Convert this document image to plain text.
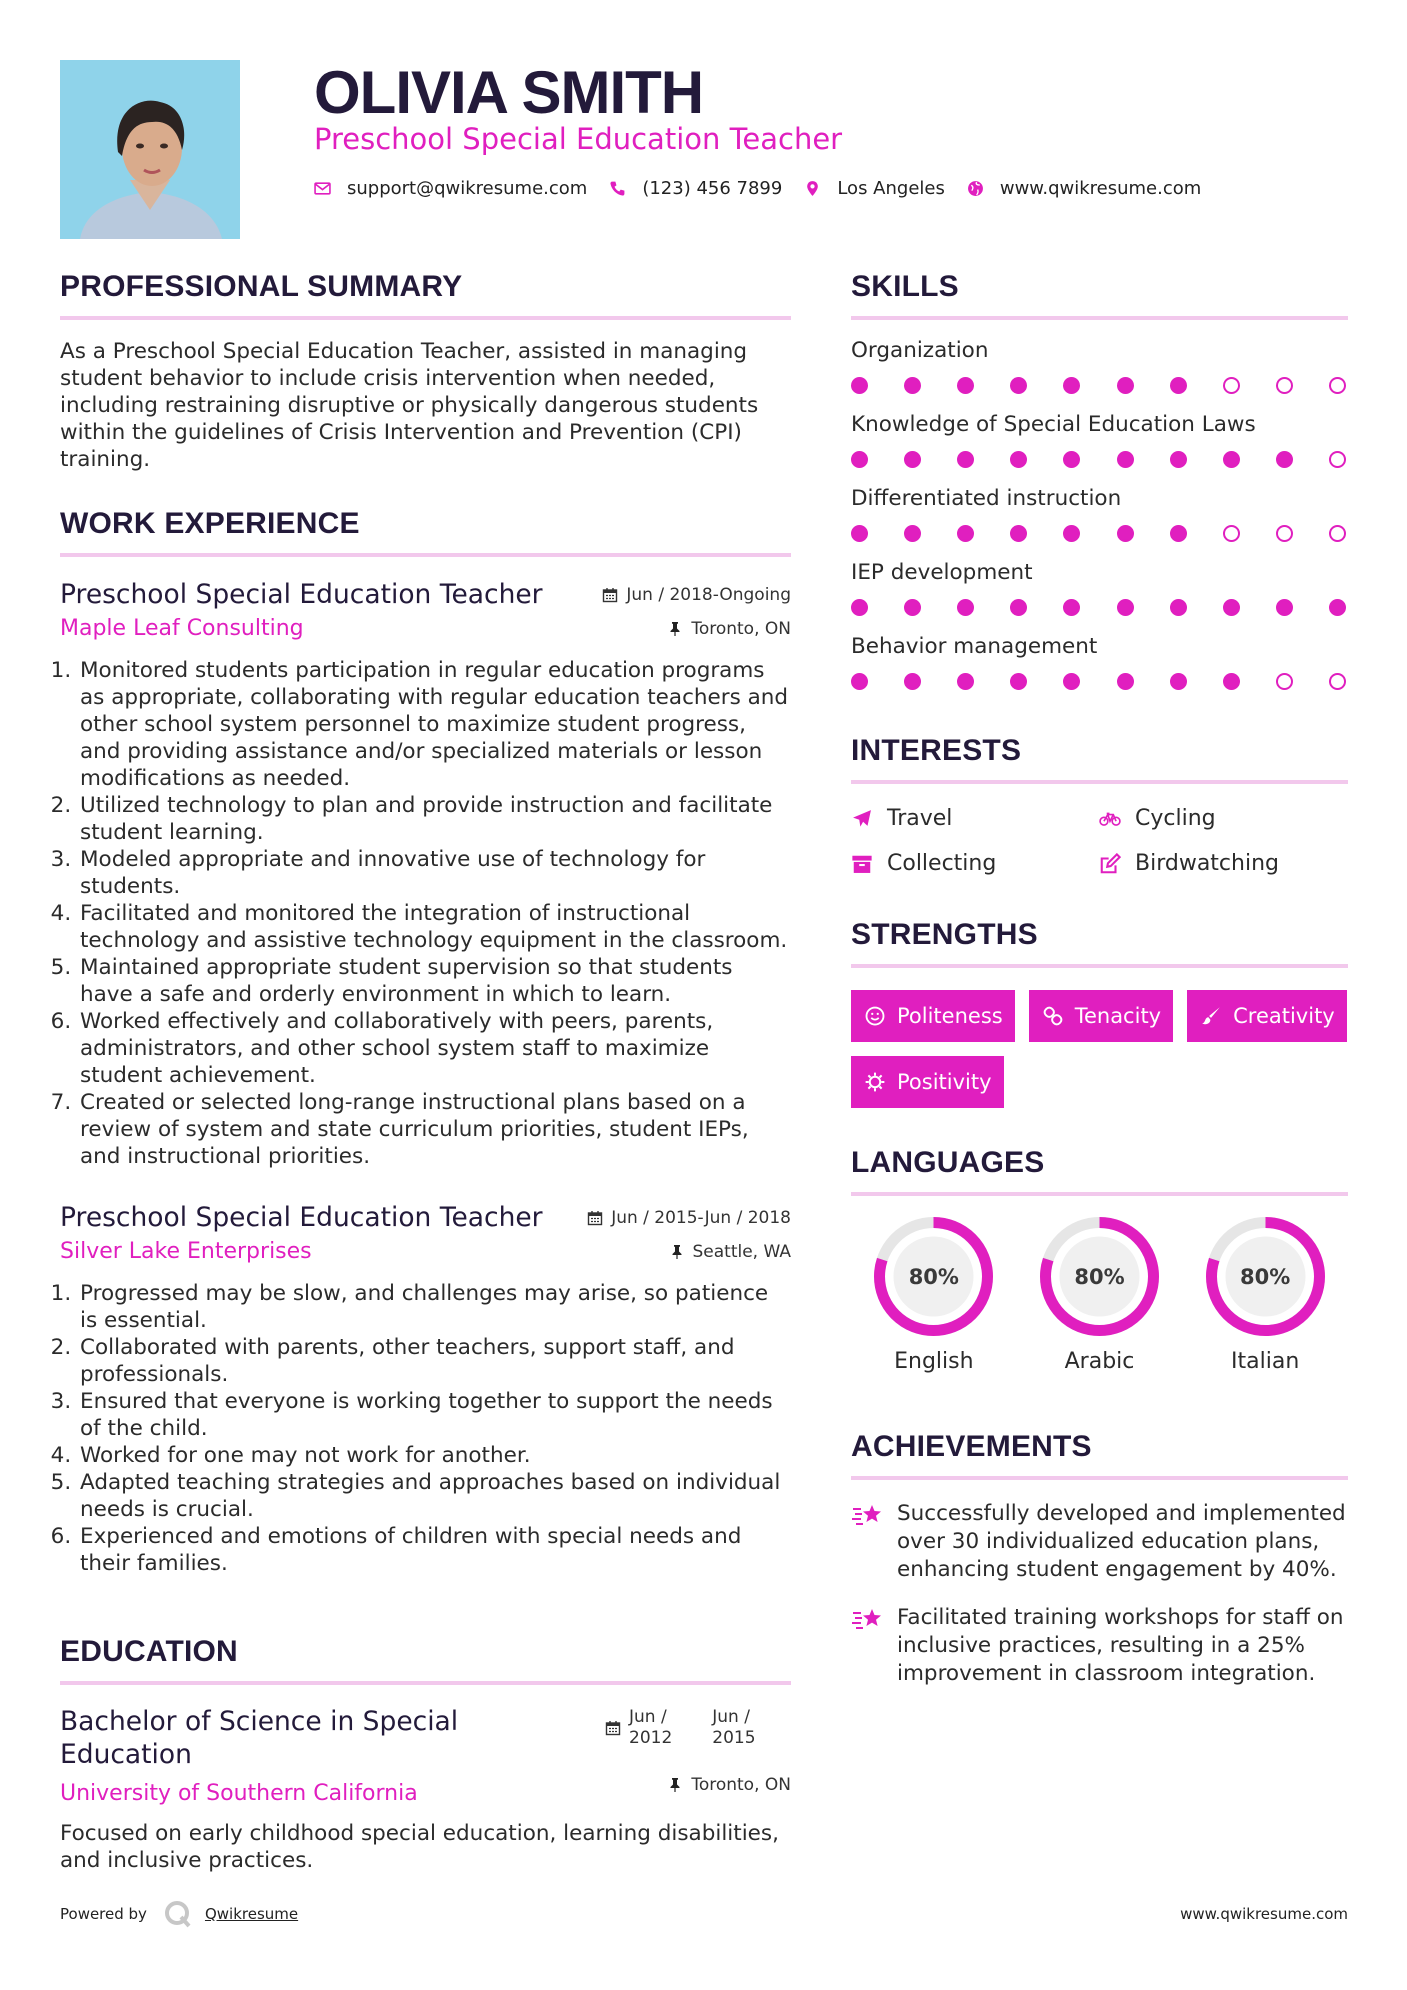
OLIVIA SMITH
Preschool Special Education Teacher
support@qwikresume.com	(123) 456 7899	Los Angeles	www.qwikresume.com
PROFESSIONAL SUMMARY

As a Preschool Special Education Teacher, assisted in managing student behavior to include crisis intervention when needed, including restraining disruptive or physically dangerous students within the guidelines of Crisis Intervention and Prevention (CPI) training.

WORK EXPERIENCE
Preschool Special Education Teacher
Maple Leaf Consulting
Jun / 2018-Ongoing
Toronto, ON
1. Monitored students participation in regular education programs as appropriate, collaborating with regular education teachers and other school system personnel to maximize student progress, and providing assistance and/or specialized materials or lesson modifications as needed.
2. Utilized technology to plan and provide instruction and facilitate student learning.
3. Modeled appropriate and innovative use of technology for students.
4. Facilitated and monitored the integration of instructional technology and assistive technology equipment in the classroom.
5. Maintained appropriate student supervision so that students have a safe and orderly environment in which to learn.
6. Worked effectively and collaboratively with peers, parents, administrators, and other school system staff to maximize student achievement.
7. Created or selected long-range instructional plans based on a review of system and state curriculum priorities, student IEPs, and instructional priorities.
Preschool Special Education Teacher
Silver Lake Enterprises
Jun / 2015-Jun / 2018
Seattle, WA
1. Progressed may be slow, and challenges may arise, so patience is essential.
2. Collaborated with parents, other teachers, support staff, and professionals.
3. Ensured that everyone is working together to support the needs of the child.
4. Worked for one may not work for another.
5. Adapted teaching strategies and approaches based on individual needs is crucial.
6. Experienced and emotions of children with special needs and their families.
EDUCATION
Bachelor of Science in Special Education
University of Southern California
Jun /
2012
Jun /
2015
Toronto, ON

Focused on early childhood special education, learning disabilities, and inclusive practices.

SKILLS
Organization
Knowledge of Special Education Laws
Differentiated instruction
IEP development
Behavior management
INTERESTS
Travel	Cycling
Collecting	Birdwatching
STRENGTHS
Politeness	Tenacity	Creativity
Positivity
LANGUAGES
80%
English
80%
Arabic
80%
Italian
ACHIEVEMENTS
Successfully developed and implemented over 30 individualized education plans, enhancing student engagement by 40%.
Facilitated training workshops for staff on inclusive practices, resulting in a 25% improvement in classroom integration.
Powered by	Qwikresume	www.qwikresume.com
